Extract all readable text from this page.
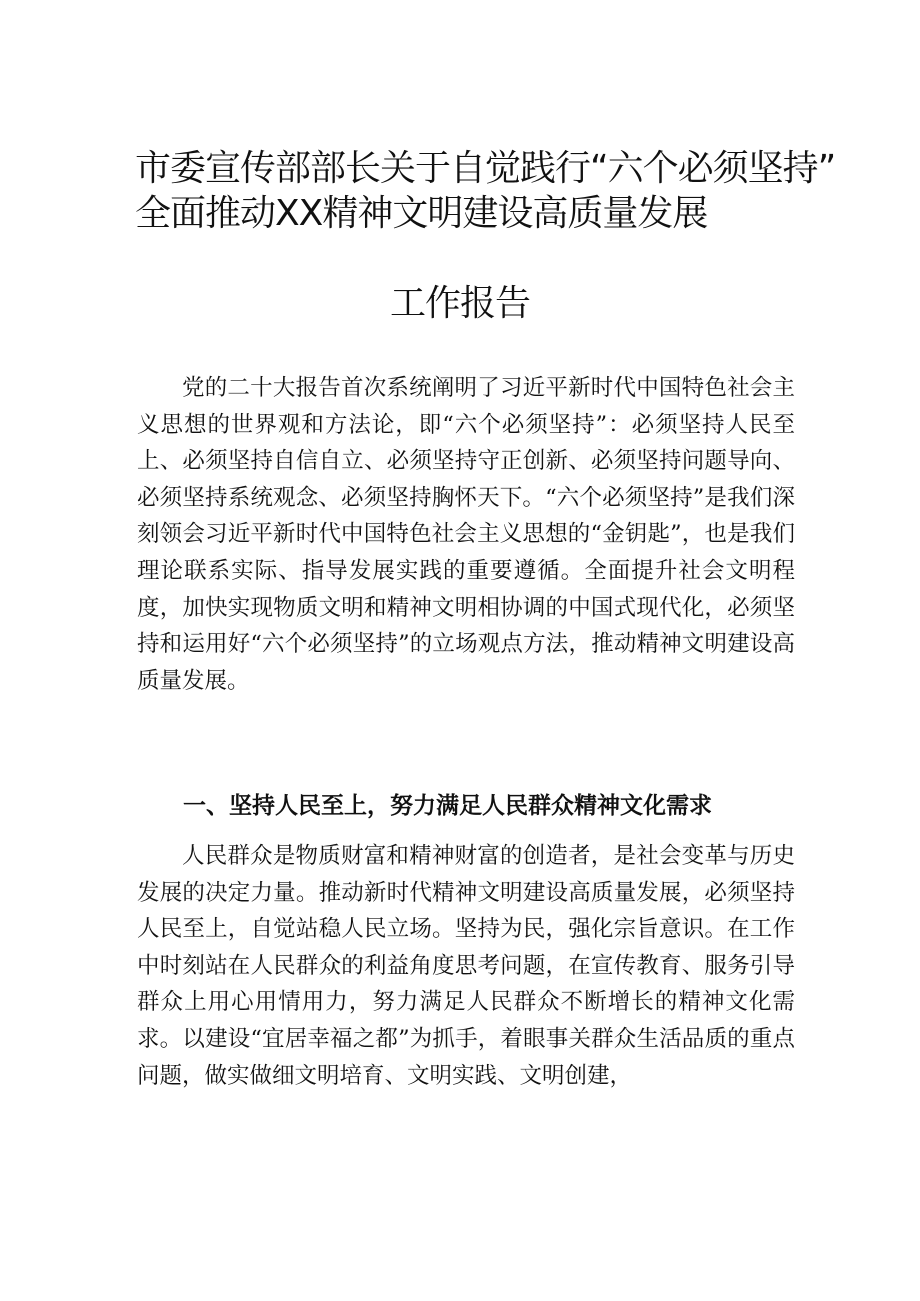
市委宣传部部长关于自觉践行“六个必须坚持”
全面推动XX精神文明建设高质量发展
工作报告

党的二十大报告首次系统阐明了习近平新时代中国特色社会主义思想的世界观和方法论，即“六个必须坚持”：必须坚持人民至上、必须坚持自信自立、必须坚持守正创新、必须坚持问题导向、必须坚持系统观念、必须坚持胸怀天下。“六个必须坚持”是我们深刻领会习近平新时代中国特色社会主义思想的“金钥匙”，也是我们理论联系实际、指导发展实践的重要遵循。全面提升社会文明程度，加快实现物质文明和精神文明相协调的中国式现代化，必须坚持和运用好“六个必须坚持”的立场观点方法，推动精神文明建设高质量发展。

一、坚持人民至上，努力满足人民群众精神文化需求

人民群众是物质财富和精神财富的创造者，是社会变革与历史发展的决定力量。推动新时代精神文明建设高质量发展，必须坚持人民至上，自觉站稳人民立场。坚持为民，强化宗旨意识。在工作中时刻站在人民群众的利益角度思考问题，在宣传教育、服务引导群众上用心用情用力，努力满足人民群众不断增长的精神文化需求。以建设“宜居幸福之都”为抓手，着眼事关群众生活品质的重点问题，做实做细文明培育、文明实践、文明创建，
